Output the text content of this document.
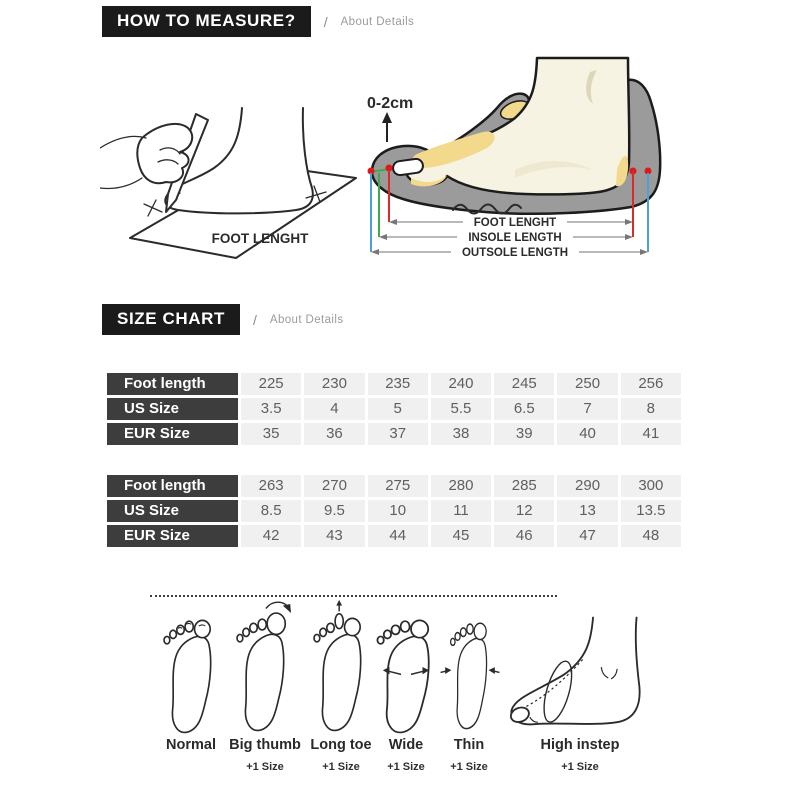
HOW TO MEASURE?	/ About Details
FOOT LENGHT
0-2cm
FOOT LENGHT
INSOLE LENGTH
OUTSOLE LENGTH
SIZE CHART	/ About Details
Foot length	225	230	235	240	245	250	256
US Size	3.5	4	5	5.5	6.5	7	8
EUR Size	35	36	37	38	39	40	41
Foot length	263	270	275	280	285	290	300
US Size	8.5	9.5	10	11	12	13	13.5
EUR Size	42	43	44	45	46	47	48
Normal Big thumb Long toe	Wide	Thin	High instep
+1 Size	+1 Size	+1 Size	+1 Size	+1 Size
